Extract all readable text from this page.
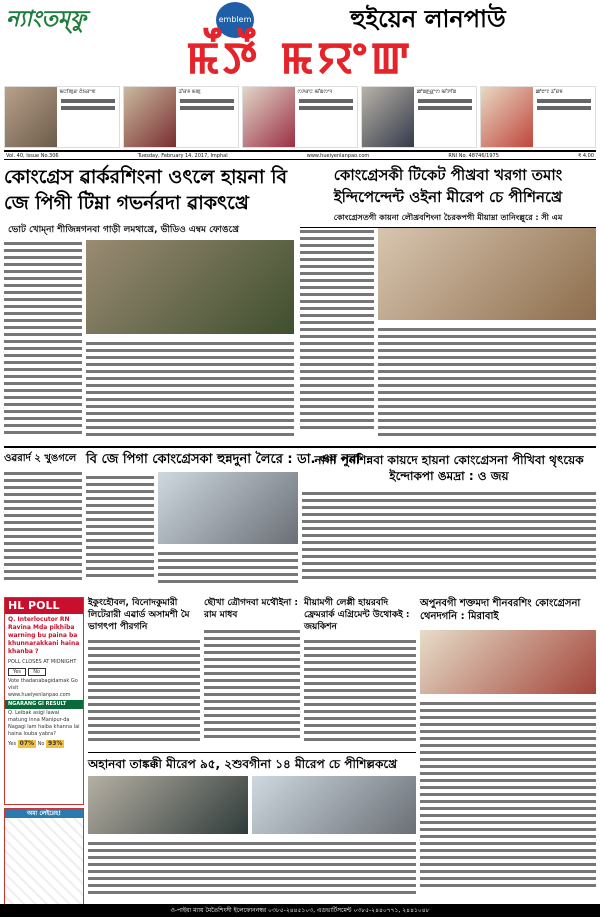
ন্যাংতম্‌ফু	emblem	হুইয়েন লানপাউ
ꯃꯩꯇꯩ ꯃꯌꯦꯛ
ꯃꯅꯤꯄꯨꯔ ꯂꯥꯏꯔꯦꯟ	ꯊꯧꯔꯝ ꯃꯄꯨ	ꯁꯍꯔꯅ ꯃꯤꯡꯁꯦꯜ	ꯀꯣꯡꯒ꯭ꯔꯦꯁ ꯃꯤꯇꯤꯡ	ꯀꯣꯂꯦꯖ ꯊꯧꯔꯝ
Vol. 40, Issue No.306	Tuesday, February 14, 2017, Imphal	www.hueiyenlanpao.com	RNI No. 48746/1975	₹ 4.00
কোংগ্রেস ৱার্করশিংনা ওৎলে হায়না বি জে পিগী টিম্না গভর্নরদা ৱাকৎখ্রে
ভোট খোম্‌না শীজিন্নগনবা গাড়ী লমথাখ্রে, ভীডিও এম্বম ফোঙখ্রে
কোংগ্রেসকী টিকেট পীখ্রবা খরগা তমাং ইন্দিপেন্দেন্ট ওইনা মীরেপ চে পীশিনখ্রে
কোংগ্রেসতগী কায়না লৌখ্রবশিংনা চৈরকপগী মীয়াম্না তানিংল্লুরে : সী এম
ওৱরার্দ ২ খুঙগলে বি জে পিগা কোংগ্রেসকা হুন্নদুনা লৈরে : ডা. এম নরা
নাগা পুনশিন্নবা কায়দে হায়না কোংগ্রেসনা পীখিবা থৃৎয়েক ইন্দোকপা ঙমদ্রা : ও জয়
HL POLL
Q. Interlocutor RN Ravina Mda pikhiba warning bu paina ba khunnarakkani haina khanba ?
POLL CLOSES AT MIDNIGHT
Yes No
Vote thadanabagidamak Go visit www.hueiyenlanpao.com
NGARANG GI RESULT
Q. Leibak asigi lawai matung inna Manipur-da Nagagi lam haiba khanna lai haina louba yabra?
Yes 07% No 93%
অমা লেইরেহ!
ইকুংহৌবল, বিনোদকুমারী লিটেরারী এৱার্ড অসামশী মৈ ভাগৎপা পীরগনি
ছৌখা ত্রৌগদবা মথৌইনা : রাম মাধব
মীয়ামগী লেপ্পী হায়রবদি ফ্রেমরার্ক এগ্রিমেন্ট উথোকই : জয়কিশন
অপুনবগী শক্তমদা শীনবরশিং কোংগ্রেসনা থেনদগনি : মিরাবাই
অহানবা তাঙ্কক্কী মীরেপ ৯৫, ২শুবগীনা ১৪ মীরেপ চে পীশিল্লকখ্রে
ও-পাইয়া ম্যায় মৈতৈশিংসী ইলেফোননম্বর ০৩৮৫-২৪৪৫১০৩, এডভার্টিসমেন্ট ০৩৮৫-২৪৪০৭৭১, ২৪৪১০৪৮
